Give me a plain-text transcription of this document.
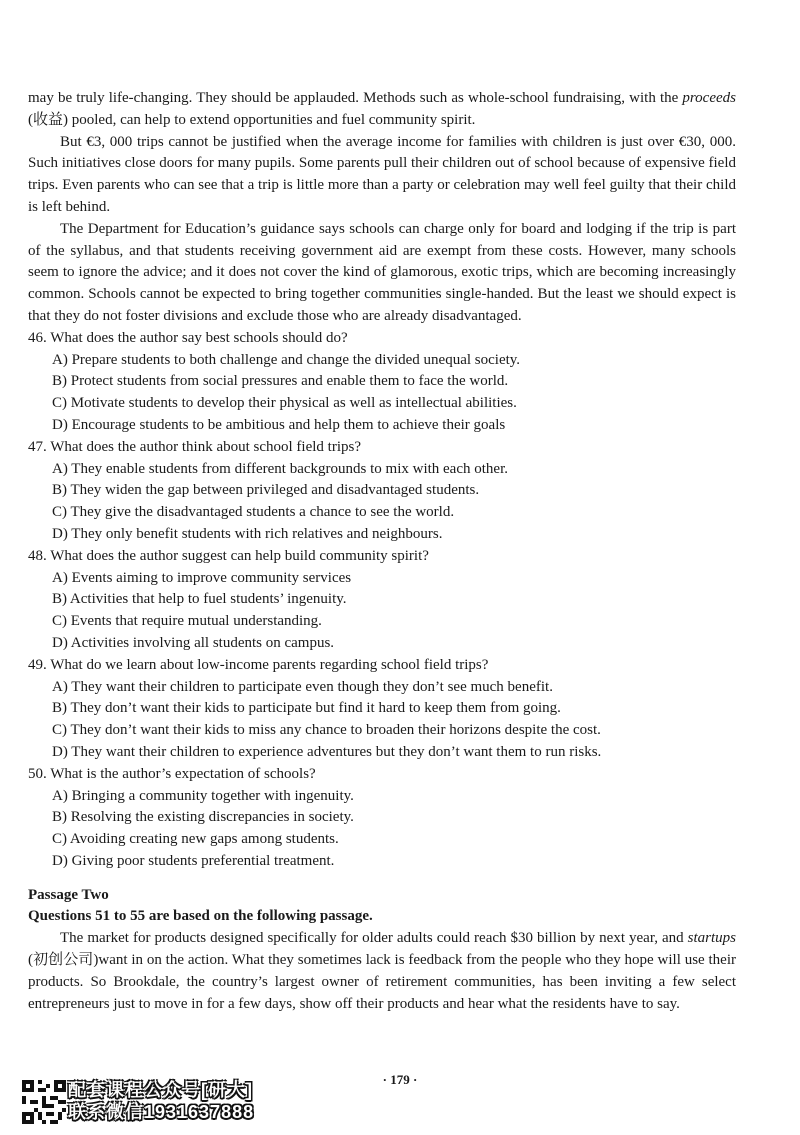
may be truly life-changing. They should be applauded. Methods such as whole-school fundraising, with the proceeds (收益) pooled, can help to extend opportunities and fuel community spirit.

But €3, 000 trips cannot be justified when the average income for families with children is just over €30, 000. Such initiatives close doors for many pupils. Some parents pull their children out of school because of expensive field trips. Even parents who can see that a trip is little more than a party or celebration may well feel guilty that their child is left behind.

The Department for Education’s guidance says schools can charge only for board and lodging if the trip is part of the syllabus, and that students receiving government aid are exempt from these costs. However, many schools seem to ignore the advice; and it does not cover the kind of glamorous, exotic trips, which are becoming increasingly common. Schools cannot be expected to bring together communities single-handed. But the least we should expect is that they do not foster divisions and exclude those who are already disadvantaged.

46. What does the author say best schools should do?
A) Prepare students to both challenge and change the divided unequal society.
B) Protect students from social pressures and enable them to face the world.
C) Motivate students to develop their physical as well as intellectual abilities.
D) Encourage students to be ambitious and help them to achieve their goals
47. What does the author think about school field trips?
A) They enable students from different backgrounds to mix with each other.
B) They widen the gap between privileged and disadvantaged students.
C) They give the disadvantaged students a chance to see the world.
D) They only benefit students with rich relatives and neighbours.
48. What does the author suggest can help build community spirit?
A) Events aiming to improve community services
B) Activities that help to fuel students’ ingenuity.
C) Events that require mutual understanding.
D) Activities involving all students on campus.
49. What do we learn about low-income parents regarding school field trips?
A) They want their children to participate even though they don’t see much benefit.
B) They don’t want their kids to participate but find it hard to keep them from going.
C) They don’t want their kids to miss any chance to broaden their horizons despite the cost.
D) They want their children to experience adventures but they don’t want them to run risks.
50. What is the author’s expectation of schools?
A) Bringing a community together with ingenuity.
B) Resolving the existing discrepancies in society.
C) Avoiding creating new gaps among students.
D) Giving poor students preferential treatment.
Passage Two
Questions 51 to 55 are based on the following passage.

The market for products designed specifically for older adults could reach $30 billion by next year, and startups (初创公司)want in on the action. What they sometimes lack is feedback from the people who they hope will use their products. So Brookdale, the country’s largest owner of retirement communities, has been inviting a few select entrepreneurs just to move in for a few days, show off their products and hear what the residents have to say.

· 179 ·
配套课程公众号[研大]
联系微信1931637888
